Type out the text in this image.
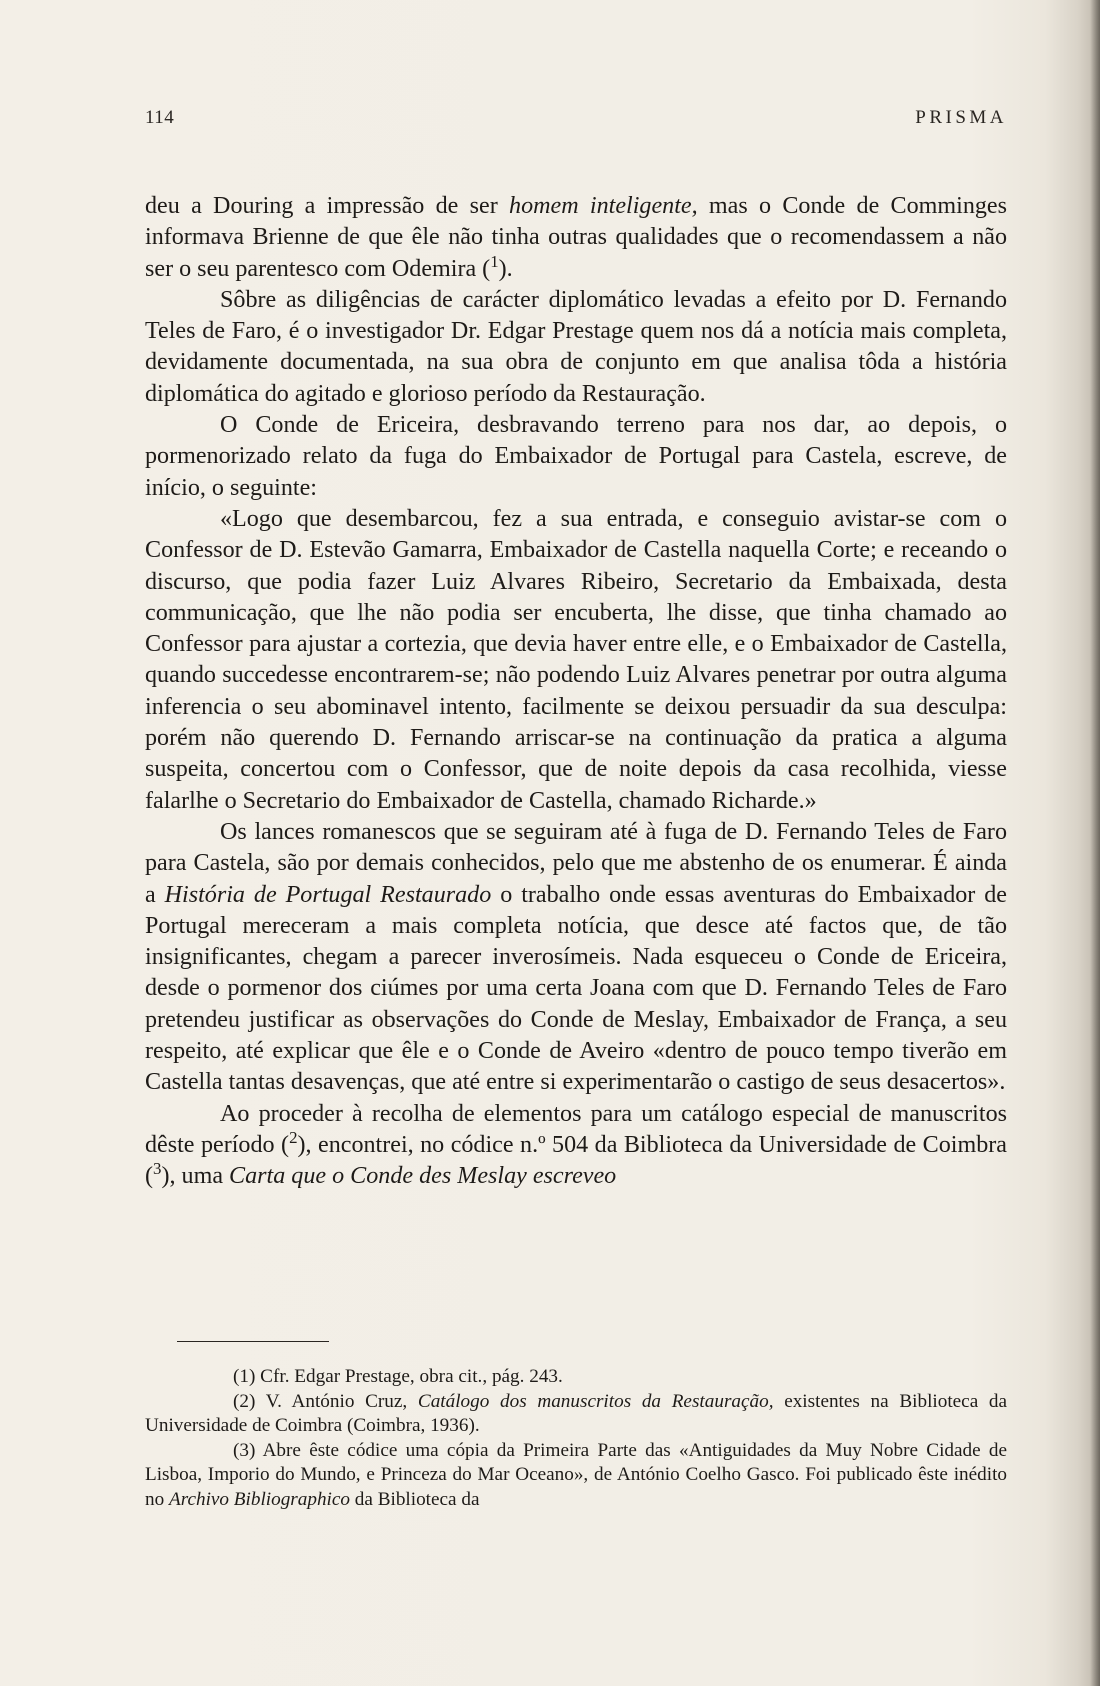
114	PRISMA

deu a Douring a impressão de ser homem inteligente, mas o Conde de Comminges informava Brienne de que êle não tinha outras qualidades que o recomendassem a não ser o seu parentesco com Odemira ($^1$).

Sôbre as diligências de carácter diplomático levadas a efeito por D. Fernando Teles de Faro, é o investigador Dr. Edgar Prestage quem nos dá a notícia mais completa, devidamente documentada, na sua obra de conjunto em que analisa tôda a história diplomática do agitado e glorioso período da Restauração.

O Conde de Ericeira, desbravando terreno para nos dar, ao depois, o pormenorizado relato da fuga do Embaixador de Portugal para Castela, escreve, de início, o seguinte:

«Logo que desembarcou, fez a sua entrada, e conseguio avistar-se com o Confessor de D. Estevão Gamarra, Embaixador de Castella naquella Corte; e receando o discurso, que podia fazer Luiz Alvares Ribeiro, Secretario da Embaixada, desta communicação, que lhe não podia ser encuberta, lhe disse, que tinha chamado ao Confessor para ajustar a cortezia, que devia haver entre elle, e o Embaixador de Castella, quando succedesse encontrarem-se; não podendo Luiz Alvares penetrar por outra alguma inferencia o seu abominavel intento, facilmente se deixou persuadir da sua desculpa: porém não querendo D. Fernando arriscar-se na continuação da pratica a alguma suspeita, concertou com o Confessor, que de noite depois da casa recolhida, viesse falarlhe o Secretario do Embaixador de Castella, chamado Richarde.»

Os lances romanescos que se seguiram até à fuga de D. Fernando Teles de Faro para Castela, são por demais conhecidos, pelo que me abstenho de os enumerar. É ainda a História de Portugal Restaurado o trabalho onde essas aventuras do Embaixador de Portugal mereceram a mais completa notícia, que desce até factos que, de tão insignificantes, chegam a parecer inverosímeis. Nada esqueceu o Conde de Ericeira, desde o pormenor dos ciúmes por uma certa Joana com que D. Fernando Teles de Faro pretendeu justificar as observações do Conde de Meslay, Embaixador de França, a seu respeito, até explicar que êle e o Conde de Aveiro «dentro de pouco tempo tiverão em Castella tantas desavenças, que até entre si experimentarão o castigo de seus desacertos».

Ao proceder à recolha de elementos para um catálogo especial de manuscritos dêste período ($^2$), encontrei, no códice n.º 504 da Biblioteca da Universidade de Coimbra ($^3$), uma Carta que o Conde des Meslay escreveo

(1) Cfr. Edgar Prestage, obra cit., pág. 243.

(2) V. António Cruz, Catálogo dos manuscritos da Restauração, existentes na Biblioteca da Universidade de Coimbra (Coimbra, 1936).

(3) Abre êste códice uma cópia da Primeira Parte das «Antiguidades da Muy Nobre Cidade de Lisboa, Imporio do Mundo, e Princeza do Mar Oceano», de António Coelho Gasco. Foi publicado êste inédito no Archivo Bibliographico da Biblioteca da
